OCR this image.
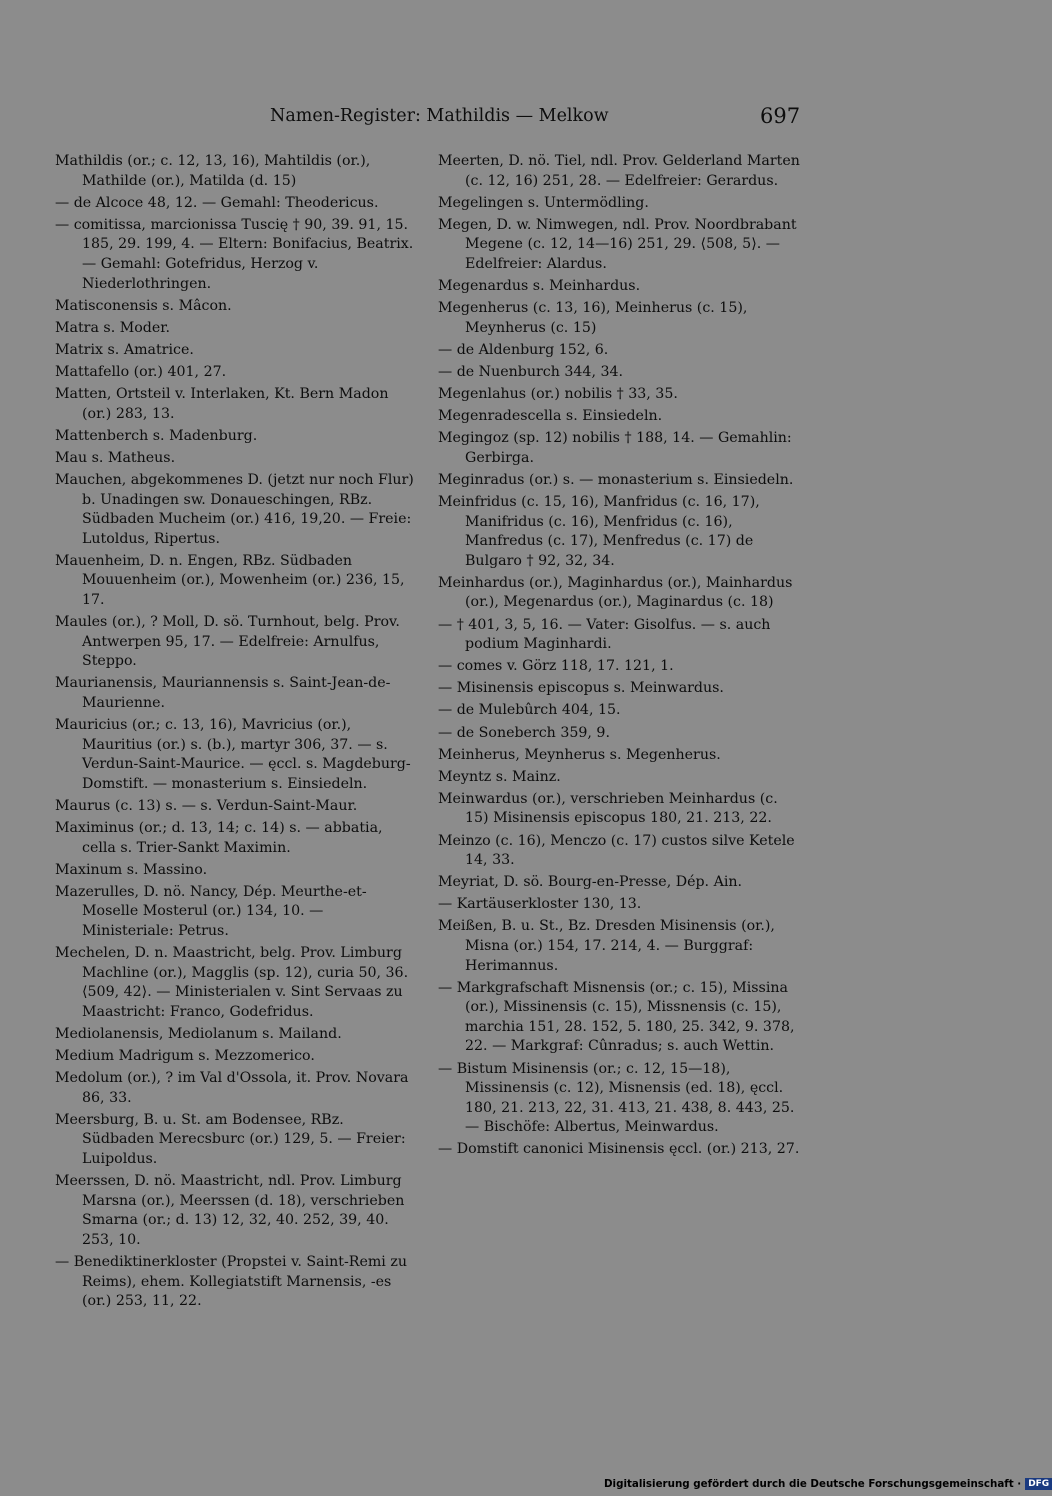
Namen-Register: Mathildis — Melkow	697
Mathildis (or.; c. 12, 13, 16), Mahtildis (or.), Mathilde (or.), Matilda (d. 15)
— de Alcoce 48, 12. — Gemahl: Theodericus.
— comitissa, marcionissa Tuscię † 90, 39. 91, 15. 185, 29. 199, 4. — Eltern: Bonifacius, Beatrix. — Gemahl: Gotefridus, Herzog v. Niederlothringen.
Matisconensis s. Mâcon.
Matra s. Moder.
Matrix s. Amatrice.
Mattafello (or.) 401, 27.
Matten, Ortsteil v. Interlaken, Kt. Bern Madon (or.) 283, 13.
Mattenberch s. Madenburg.
Mau s. Matheus.
Mauchen, abgekommenes D. (jetzt nur noch Flur) b. Unadingen sw. Donaueschingen, RBz. Südbaden Mucheim (or.) 416, 19,20. — Freie: Lutoldus, Ripertus.
Mauenheim, D. n. Engen, RBz. Südbaden Mouuenheim (or.), Mowenheim (or.) 236, 15, 17.
Maules (or.), ? Moll, D. sö. Turnhout, belg. Prov. Antwerpen 95, 17. — Edelfreie: Arnulfus, Steppo.
Maurianensis, Mauriannensis s. Saint-Jean-de-Maurienne.
Mauricius (or.; c. 13, 16), Mavricius (or.), Mauritius (or.) s. (b.), martyr 306, 37. — s. Verdun-Saint-Maurice. — ęccl. s. Magdeburg-Domstift. — monasterium s. Einsiedeln.
Maurus (c. 13) s. — s. Verdun-Saint-Maur.
Maximinus (or.; d. 13, 14; c. 14) s. — abbatia, cella s. Trier-Sankt Maximin.
Maxinum s. Massino.
Mazerulles, D. nö. Nancy, Dép. Meurthe-et-Moselle Mosterul (or.) 134, 10. — Ministeriale: Petrus.
Mechelen, D. n. Maastricht, belg. Prov. Limburg Machline (or.), Magglis (sp. 12), curia 50, 36. ⟨509, 42⟩. — Ministerialen v. Sint Servaas zu Maastricht: Franco, Godefridus.
Mediolanensis, Mediolanum s. Mailand.
Medium Madrigum s. Mezzomerico.
Medolum (or.), ? im Val d'Ossola, it. Prov. Novara 86, 33.
Meersburg, B. u. St. am Bodensee, RBz. Südbaden Merecsburc (or.) 129, 5. — Freier: Luipoldus.
Meerssen, D. nö. Maastricht, ndl. Prov. Limburg Marsna (or.), Meerssen (d. 18), verschrieben Smarna (or.; d. 13) 12, 32, 40. 252, 39, 40. 253, 10.
— Benediktinerkloster (Propstei v. Saint-Remi zu Reims), ehem. Kollegiatstift Marnensis, -es (or.) 253, 11, 22.
Meerten, D. nö. Tiel, ndl. Prov. Gelderland Marten (c. 12, 16) 251, 28. — Edelfreier: Gerardus.
Megelingen s. Untermödling.
Megen, D. w. Nimwegen, ndl. Prov. Noordbrabant Megene (c. 12, 14—16) 251, 29. ⟨508, 5⟩. — Edelfreier: Alardus.
Megenardus s. Meinhardus.
Megenherus (c. 13, 16), Meinherus (c. 15), Meynherus (c. 15)
— de Aldenburg 152, 6.
— de Nuenburch 344, 34.
Megenlahus (or.) nobilis † 33, 35.
Megenradescella s. Einsiedeln.
Megingoz (sp. 12) nobilis † 188, 14. — Gemahlin: Gerbirga.
Meginradus (or.) s. — monasterium s. Einsiedeln.
Meinfridus (c. 15, 16), Manfridus (c. 16, 17), Manifridus (c. 16), Menfridus (c. 16), Manfredus (c. 17), Menfredus (c. 17) de Bulgaro † 92, 32, 34.
Meinhardus (or.), Maginhardus (or.), Mainhardus (or.), Megenardus (or.), Maginardus (c. 18)
— † 401, 3, 5, 16. — Vater: Gisolfus. — s. auch podium Maginhardi.
— comes v. Görz 118, 17. 121, 1.
— Misinensis episcopus s. Meinwardus.
— de Mulebûrch 404, 15.
— de Soneberch 359, 9.
Meinherus, Meynherus s. Megenherus.
Meyntz s. Mainz.
Meinwardus (or.), verschrieben Meinhardus (c. 15) Misinensis episcopus 180, 21. 213, 22.
Meinzo (c. 16), Menczo (c. 17) custos silve Ketele 14, 33.
Meyriat, D. sö. Bourg-en-Presse, Dép. Ain.
— Kartäuserkloster 130, 13.
Meißen, B. u. St., Bz. Dresden Misinensis (or.), Misna (or.) 154, 17. 214, 4. — Burggraf: Herimannus.
— Markgrafschaft Misnensis (or.; c. 15), Missina (or.), Missinensis (c. 15), Missnensis (c. 15), marchia 151, 28. 152, 5. 180, 25. 342, 9. 378, 22. — Markgraf: Cûnradus; s. auch Wettin.
— Bistum Misinensis (or.; c. 12, 15—18), Missinensis (c. 12), Misnensis (ed. 18), ęccl. 180, 21. 213, 22, 31. 413, 21. 438, 8. 443, 25. — Bischöfe: Albertus, Meinwardus.
— Domstift canonici Misinensis ęccl. (or.) 213, 27.
Digitalisierung gefördert durch die Deutsche Forschungsgemeinschaft · DFG
